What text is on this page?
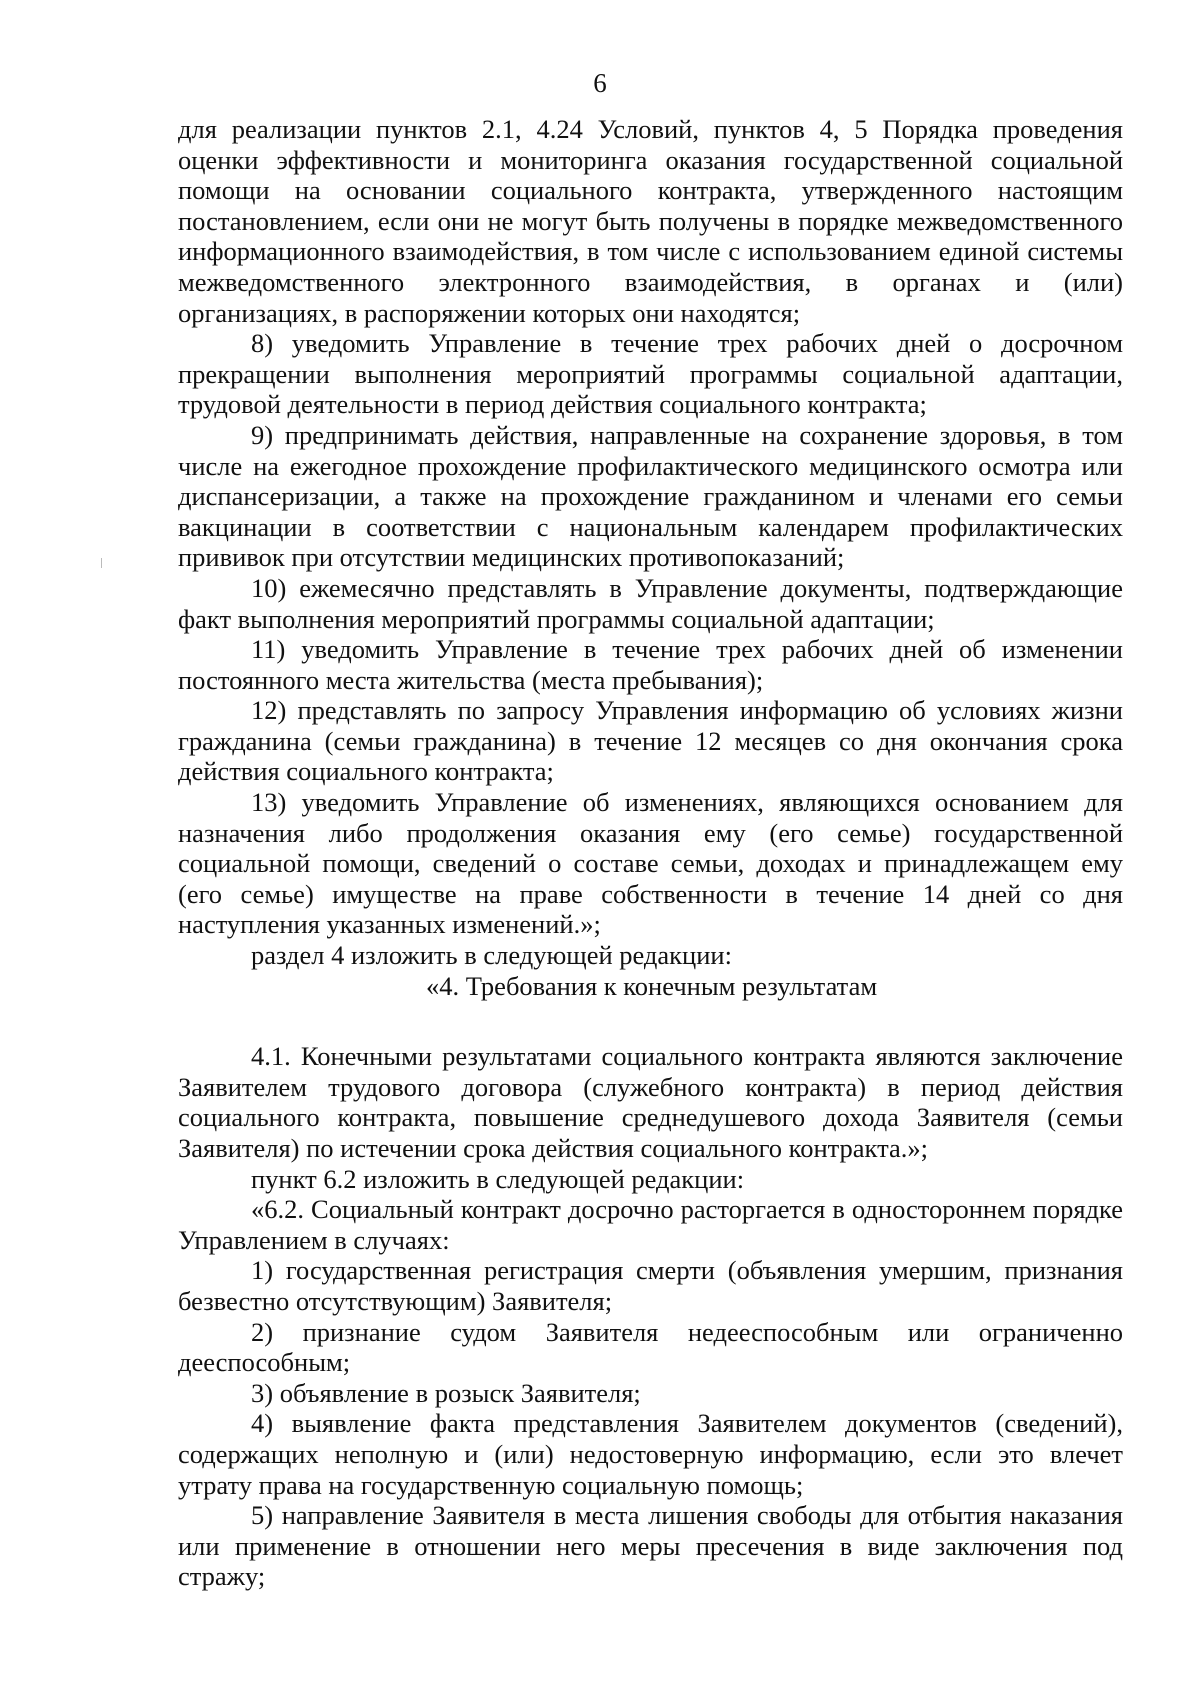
6

для реализации пунктов 2.1, 4.24 Условий, пунктов 4, 5 Порядка проведения оценки эффективности и мониторинга оказания государственной социальной помощи на основании социального контракта, утвержденного настоящим постановлением, если они не могут быть получены в порядке межведомственного информационного взаимодействия, в том числе с использованием единой системы межведомственного электронного взаимодействия, в органах и (или) организациях, в распоряжении которых они находятся;

8) уведомить Управление в течение трех рабочих дней о досрочном прекращении выполнения мероприятий программы социальной адаптации, трудовой деятельности в период действия социального контракта;

9) предпринимать действия, направленные на сохранение здоровья, в том числе на ежегодное прохождение профилактического медицинского осмотра или диспансеризации, а также на прохождение гражданином и членами его семьи вакцинации в соответствии с национальным календарем профилактических прививок при отсутствии медицинских противопоказаний;

10) ежемесячно представлять в Управление документы, подтверждающие факт выполнения мероприятий программы социальной адаптации;

11) уведомить Управление в течение трех рабочих дней об изменении постоянного места жительства (места пребывания);

12) представлять по запросу Управления информацию об условиях жизни гражданина (семьи гражданина) в течение 12 месяцев со дня окончания срока действия социального контракта;

13) уведомить Управление об изменениях, являющихся основанием для назначения либо продолжения оказания ему (его семье) государственной социальной помощи, сведений о составе семьи, доходах и принадлежащем ему (его семье) имуществе на праве собственности в течение 14 дней со дня наступления указанных изменений.»;

раздел 4 изложить в следующей редакции:

«4. Требования к конечным результатам

4.1. Конечными результатами социального контракта являются заключение Заявителем трудового договора (служебного контракта) в период действия социального контракта, повышение среднедушевого дохода Заявителя (семьи Заявителя) по истечении срока действия социального контракта.»;

пункт 6.2 изложить в следующей редакции:

«6.2. Социальный контракт досрочно расторгается в одностороннем порядке Управлением в случаях:

1) государственная регистрация смерти (объявления умершим, признания безвестно отсутствующим) Заявителя;

2) признание судом Заявителя недееспособным или ограниченно дееспособным;

3) объявление в розыск Заявителя;

4) выявление факта представления Заявителем документов (сведений), содержащих неполную и (или) недостоверную информацию, если это влечет утрату права на государственную социальную помощь;

5) направление Заявителя в места лишения свободы для отбытия наказания или применение в отношении него меры пресечения в виде заключения под стражу;
